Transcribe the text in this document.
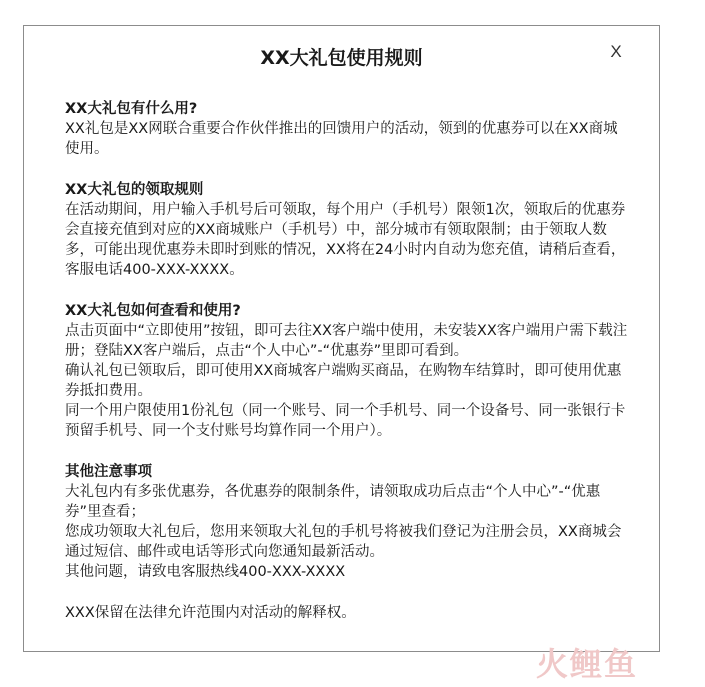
XX大礼包使用规则	X

XX大礼包有什么用?

XX礼包是XX网联合重要合作伙伴推出的回馈用户的活动，领到的优惠券可以在XX商城使用。

XX大礼包的领取规则

在活动期间，用户输入手机号后可领取，每个用户（手机号）限领1次，领取后的优惠券会直接充值到对应的XX商城账户（手机号）中，部分城市有领取限制；由于领取人数多，可能出现优惠券未即时到账的情况，XX将在24小时内自动为您充值，请稍后查看，客服电话400-XXX-XXXX。

XX大礼包如何查看和使用?

点击页面中“立即使用”按钮，即可去往XX客户端中使用，未安装XX客户端用户需下载注册；登陆XX客户端后，点击“个人中心”-“优惠券”里即可看到。

确认礼包已领取后，即可使用XX商城客户端购买商品，在购物车结算时，即可使用优惠券抵扣费用。

同一个用户限使用1份礼包（同一个账号、同一个手机号、同一个设备号、同一张银行卡预留手机号、同一个支付账号均算作同一个用户）。

其他注意事项

大礼包内有多张优惠券，各优惠券的限制条件，请领取成功后点击“个人中心”-“优惠券”里查看；

您成功领取大礼包后，您用来领取大礼包的手机号将被我们登记为注册会员，XX商城会通过短信、邮件或电话等形式向您通知最新活动。

其他问题，请致电客服热线400-XXX-XXXX

XXX保留在法律允许范围内对活动的解释权。

火鲤鱼
